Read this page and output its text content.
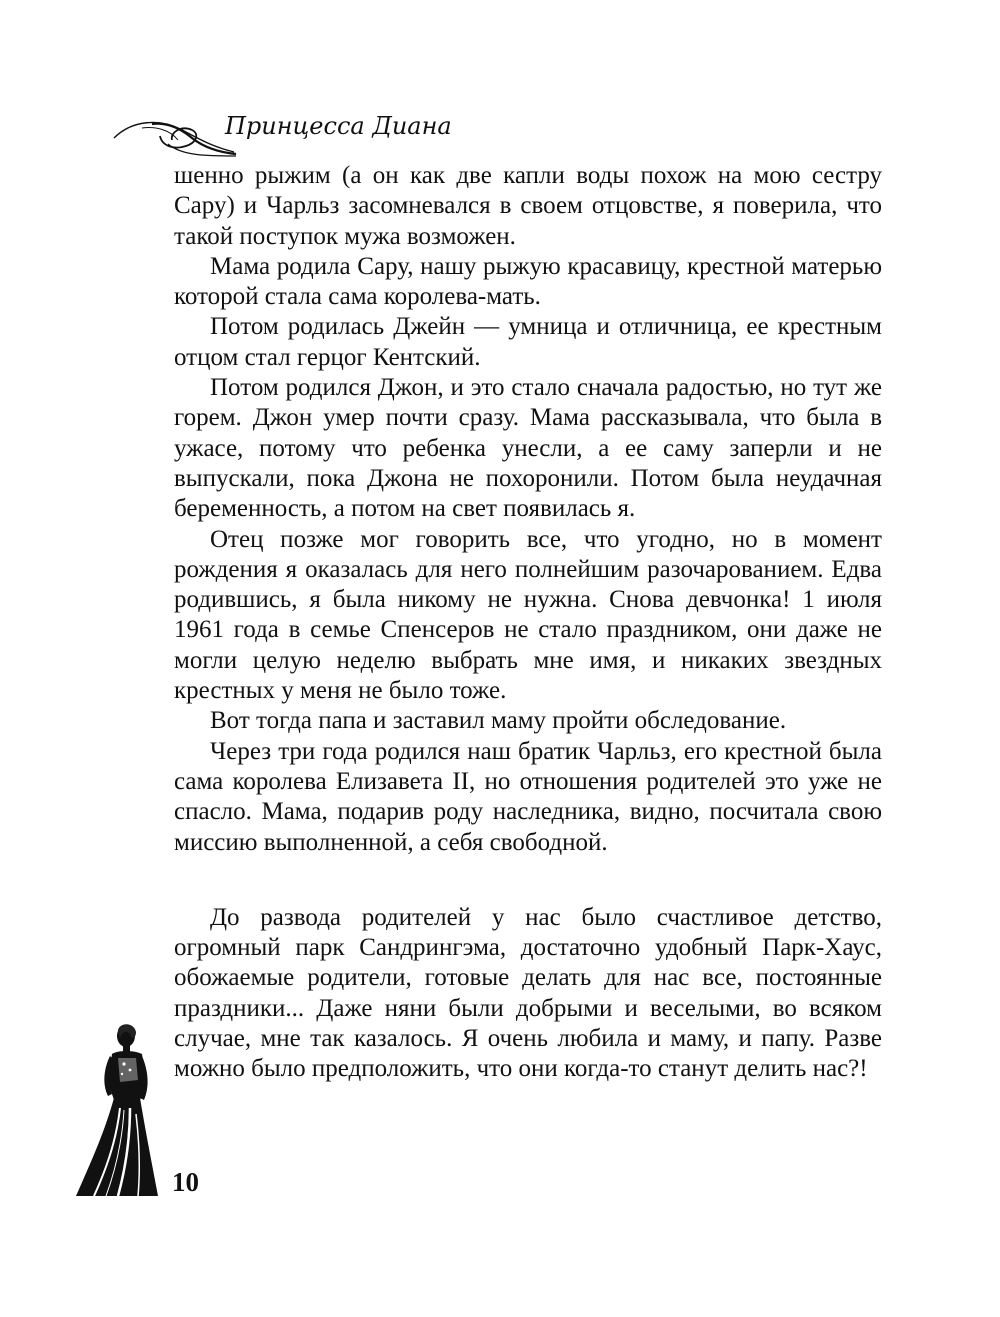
Принцесса Диана

шенно рыжим (а он как две капли воды похож на мою сестру Сару) и Чарльз засомневался в своем отцовстве, я поверила, что такой поступок мужа возможен.

Мама родила Сару, нашу рыжую красавицу, крестной матерью которой стала сама королева-мать.

Потом родилась Джейн — умница и отличница, ее крестным отцом стал герцог Кентский.

Потом родился Джон, и это стало сначала радостью, но тут же горем. Джон умер почти сразу. Мама рассказывала, что была в ужасе, потому что ребенка унесли, а ее саму заперли и не выпускали, пока Джона не похоронили. Потом была неудачная беременность, а потом на свет появилась я.

Отец позже мог говорить все, что угодно, но в момент рождения я оказалась для него полнейшим разочарованием. Едва родившись, я была никому не нужна. Снова девчонка! 1 июля 1961 года в семье Спенсеров не стало праздником, они даже не могли целую неделю выбрать мне имя, и никаких звездных крестных у меня не было тоже.

Вот тогда папа и заставил маму пройти обследование.

Через три года родился наш братик Чарльз, его крестной была сама королева Елизавета II, но отношения родителей это уже не спасло. Мама, подарив роду наследника, видно, посчитала свою миссию выполненной, а себя свободной.

До развода родителей у нас было счастливое детство, огромный парк Сандрингэма, достаточно удобный Парк-Хаус, обожаемые родители, готовые делать для нас все, постоянные праздники... Даже няни были добрыми и веселыми, во всяком случае, мне так казалось. Я очень любила и маму, и папу. Разве можно было предположить, что они когда-то станут делить нас?!

10
